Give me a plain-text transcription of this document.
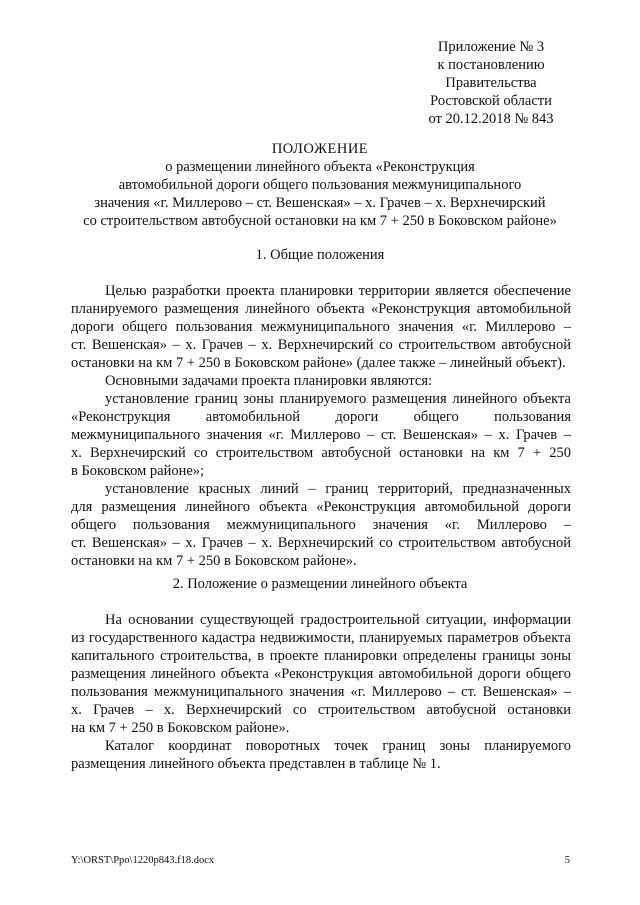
Приложение № 3
к постановлению
Правительства
Ростовской области
от 20.12.2018 № 843
ПОЛОЖЕНИЕ
о размещении линейного объекта «Реконструкция
автомобильной дороги общего пользования межмуниципального
значения «г. Миллерово – ст. Вешенская» – х. Грачев – х. Верхнечирский
со строительством автобусной остановки на км 7 + 250 в Боковском районе»
1. Общие положения
Целью разработки проекта планировки территории является обеспечение
планируемого размещения линейного объекта «Реконструкция автомобильной
дороги общего пользования межмуниципального значения «г. Миллерово –
ст. Вешенская» – х. Грачев – х. Верхнечирский со строительством автобусной
остановки на км 7 + 250 в Боковском районе» (далее также – линейный объект).
Основными задачами проекта планировки являются:
установление границ зоны планируемого размещения линейного объекта
«Реконструкция автомобильной дороги общего пользования
межмуниципального значения «г. Миллерово – ст. Вешенская» – х. Грачев –
х. Верхнечирский со строительством автобусной остановки на км 7 + 250
в Боковском районе»;
установление красных линий – границ территорий, предназначенных
для размещения линейного объекта «Реконструкция автомобильной дороги
общего пользования межмуниципального значения «г. Миллерово –
ст. Вешенская» – х. Грачев – х. Верхнечирский со строительством автобусной
остановки на км 7 + 250 в Боковском районе».
2. Положение о размещении линейного объекта
На основании существующей градостроительной ситуации, информации
из государственного кадастра недвижимости, планируемых параметров объекта
капитального строительства, в проекте планировки определены границы зоны
размещения линейного объекта «Реконструкция автомобильной дороги общего
пользования межмуниципального значения «г. Миллерово – ст. Вешенская» –
х. Грачев – х. Верхнечирский со строительством автобусной остановки
на км 7 + 250 в Боковском районе».
Каталог координат поворотных точек границ зоны планируемого
размещения линейного объекта представлен в таблице № 1.
Y:\ORST\Ppo\1220p843.f18.docx	5
